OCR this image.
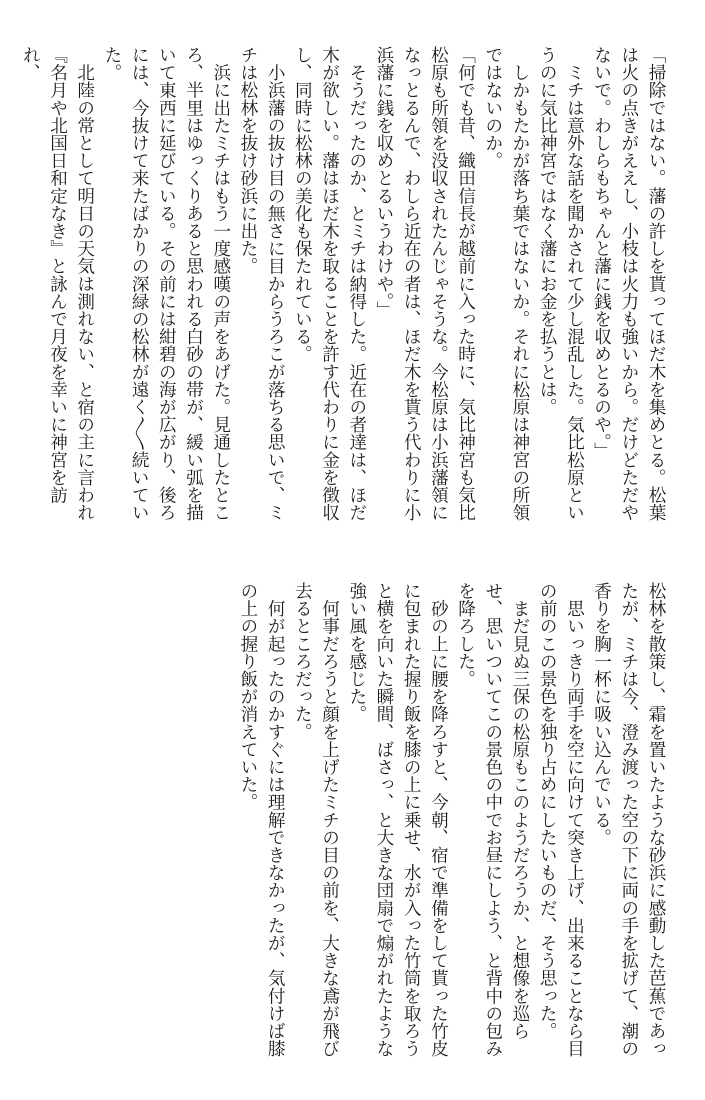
「掃除ではない。藩の許しを貰ってほだ木を集めとる。松葉は火の点きがええし、小枝は火力も強いから。だけどただやないで。わしらもちゃんと藩に銭を収めとるのや。」
　ミチは意外な話を聞かされて少し混乱した。気比松原というのに気比神宮ではなく藩にお金を払うとは。
　しかもたかが落ち葉ではないか。それに松原は神宮の所領ではないのか。
「何でも昔、織田信長が越前に入った時に、気比神宮も気比松原も所領を没収されたんじゃそうな。今松原は小浜藩領になっとるんで、わしら近在の者は、ほだ木を貰う代わりに小浜藩に銭を収めとるいうわけや。」
　そうだったのか、とミチは納得した。近在の者達は、ほだ木が欲しい。藩はほだ木を取ることを許す代わりに金を徴収し、同時に松林の美化も保たれている。
　小浜藩の抜け目の無さに目からうろこが落ちる思いで、ミチは松林を抜け砂浜に出た。
　浜に出たミチはもう一度感嘆の声をあげた。見通したところ、半里はゆっくりあると思われる白砂の帯が、緩い弧を描いて東西に延びている。その前には紺碧の海が広がり、後ろには、今抜けて来たばかりの深緑の松林が遠く〳〵続いていた。
　北陸の常として明日の天気は測れない、と宿の主に言われ『名月や北国日和定なき』と詠んで月夜を幸いに神宮を訪れ、
松林を散策し、霜を置いたような砂浜に感動した芭蕉であったが、ミチは今、澄み渡った空の下に両の手を拡げて、潮の香りを胸一杯に吸い込んでいる。
　思いっきり両手を空に向けて突き上げ、出来ることなら目の前のこの景色を独り占めにしたいものだ、そう思った。
　まだ見ぬ三保の松原もこのようだろうか、と想像を巡らせ、思いついてこの景色の中でお昼にしよう、と背中の包みを降ろした。
　砂の上に腰を降ろすと、今朝、宿で準備をして貰った竹皮に包まれた握り飯を膝の上に乗せ、水が入った竹筒を取ろうと横を向いた瞬間、ばさっ、と大きな団扇で煽がれたような強い風を感じた。
　何事だろうと顔を上げたミチの目の前を、大きな鳶が飛び去るところだった。
　何が起ったのかすぐには理解できなかったが、気付けば膝の上の握り飯が消えていた。
